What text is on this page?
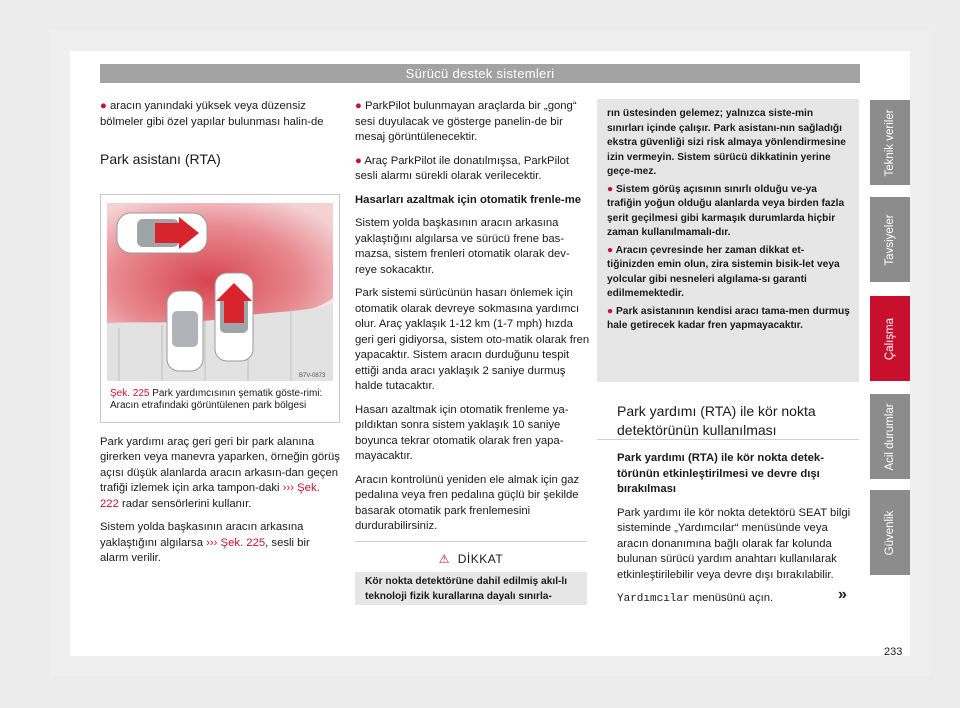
Sürücü destek sistemleri

● aracın yanındaki yüksek veya düzensiz bölmeler gibi özel yapılar bulunması halin-de

Park asistanı (RTA)
B7V-0873
Şek. 225 Park yardımcısının şematik göste-rimi: Aracın etrafındaki görüntülenen park bölgesi

Park yardımı araç geri geri bir park alanına girerken veya manevra yaparken, örneğin görüş açısı düşük alanlarda aracın arkasın-dan geçen trafiği izlemek için arka tampon-daki ››› Şek. 222 radar sensörlerini kullanır.

Sistem yolda başkasının aracın arkasına yaklaştığını algılarsa ››› Şek. 225, sesli bir alarm verilir.

● ParkPilot bulunmayan araçlarda bir „gong“ sesi duyulacak ve gösterge panelin-de bir mesaj görüntülenecektir.

● Araç ParkPilot ile donatılmışsa, ParkPilot sesli alarmı sürekli olarak verilecektir.

Hasarları azaltmak için otomatik frenle-me

Sistem yolda başkasının aracın arkasına yaklaştığını algılarsa ve sürücü frene bas-mazsa, sistem frenleri otomatik olarak dev-reye sokacaktır.

Park sistemi sürücünün hasarı önlemek için otomatik olarak devreye sokmasına yardımcı olur. Araç yaklaşık 1-12 km (1-7 mph) hızda geri geri gidiyorsa, sistem oto-matik olarak fren yapacaktır. Sistem aracın durduğunu tespit ettiği anda aracı yaklaşık 2 saniye durmuş halde tutacaktır.

Hasarı azaltmak için otomatik frenleme ya-pıldıktan sonra sistem yaklaşık 10 saniye boyunca tekrar otomatik olarak fren yapa-mayacaktır.

Aracın kontrolünü yeniden ele almak için gaz pedalına veya fren pedalına güçlü bir şekilde basarak otomatik park frenlemesini durdurabilirsiniz.

⚠ DİKKAT
Kör nokta detektörüne dahil edilmiş akıl-lı teknoloji fizik kurallarına dayalı sınırla-

rın üstesinden gelemez; yalnızca siste-min sınırları içinde çalışır. Park asistanı-nın sağladığı ekstra güvenliği sizi risk almaya yönlendirmesine izin vermeyin. Sistem sürücü dikkatinin yerine geçe-mez.

● Sistem görüş açısının sınırlı olduğu ve-ya trafiğin yoğun olduğu alanlarda veya birden fazla şerit geçilmesi gibi karmaşık durumlarda hiçbir zaman kullanılmamalı-dır.

● Aracın çevresinde her zaman dikkat et-tiğinizden emin olun, zira sistemin bisik-let veya yolcular gibi nesneleri algılama-sı garanti edilmemektedir.

● Park asistanının kendisi aracı tama-men durmuş hale getirecek kadar fren yapmayacaktır.

Park yardımı (RTA) ile kör nokta detektörünün kullanılması

Park yardımı (RTA) ile kör nokta detek-törünün etkinleştirilmesi ve devre dışı bırakılması

Park yardımı ile kör nokta detektörü SEAT bilgi sisteminde „Yardımcılar“ menüsünde veya aracın donanımına bağlı olarak far kolunda bulunan sürücü yardım anahtarı kullanılarak etkinleştirilebilir veya devre dışı bırakılabilir.

Yardımcılar menüsünü açın.	»
Teknik veriler
Tavsiyeler
Çalışma
Acil durumlar
Güvenlik
233
